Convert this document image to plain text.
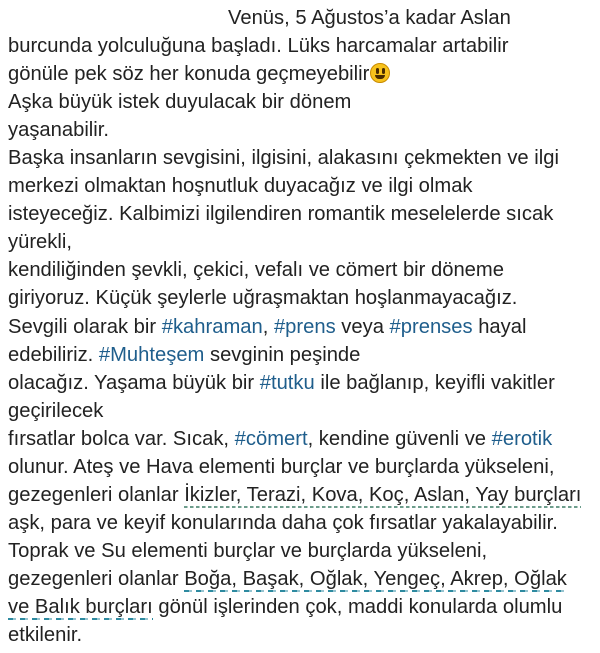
Venüs, 5 Ağustos’a kadar Aslan
burcunda yolculuğuna başladı. Lüks harcamalar artabilir
gönüle pek söz her konuda geçmeyebilir
Aşka büyük istek duyulacak bir dönem
yaşanabilir.
Başka insanların sevgisini, ilgisini, alakasını çekmekten ve ilgi
merkezi olmaktan hoşnutluk duyacağız ve ilgi olmak
isteyeceğiz. Kalbimizi ilgilendiren romantik meselelerde sıcak
yürekli,
kendiliğinden şevkli, çekici, vefalı ve cömert bir döneme
giriyoruz. Küçük şeylerle uğraşmaktan hoşlanmayacağız.
Sevgili olarak bir #kahraman, #prens veya #prenses hayal
edebiliriz. #Muhteşem sevginin peşinde
olacağız. Yaşama büyük bir #tutku ile bağlanıp, keyifli vakitler
geçirilecek
fırsatlar bolca var. Sıcak, #cömert, kendine güvenli ve #erotik
olunur. Ateş ve Hava elementi burçlar ve burçlarda yükseleni,
gezegenleri olanlar İkizler, Terazi, Kova, Koç, Aslan, Yay burçları
aşk, para ve keyif konularında daha çok fırsatlar yakalayabilir.
Toprak ve Su elementi burçlar ve burçlarda yükseleni,
gezegenleri olanlar Boğa, Başak, Oğlak, Yengeç, Akrep, Oğlak
ve Balık burçları gönül işlerinden çok, maddi konularda olumlu
etkilenir.
